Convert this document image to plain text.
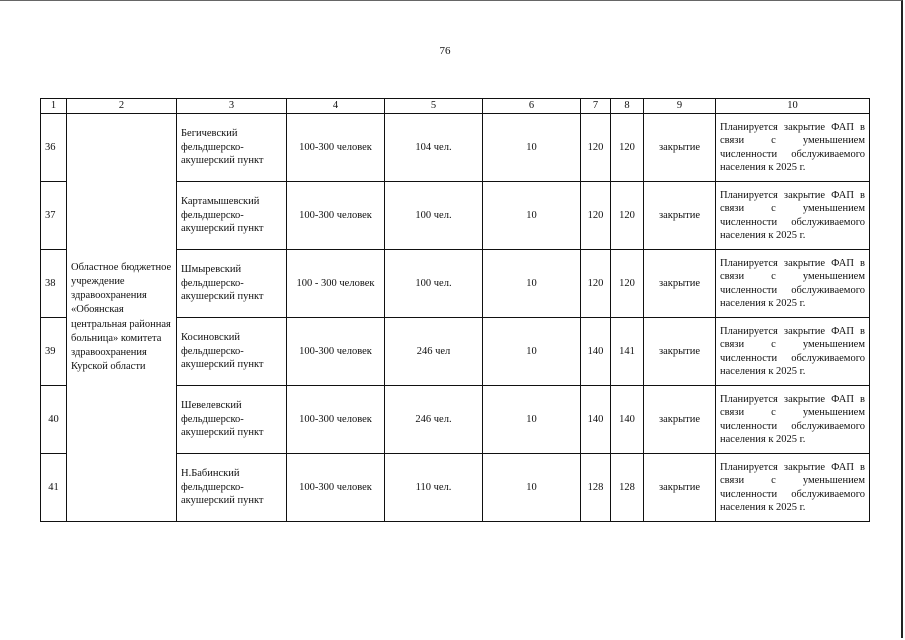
76
1	2	3	4	5	6	7	8	9	10
36	Областное бюджетное учреждение здравоохранения «Обоянская центральная районная больница» комитета здравоохранения Курской области	Бегичевский фельдшерско-акушерский пункт	100-300 человек	104 чел.	10	120	120	закрытие	Планируется закрытие ФАП в связи с уменьшением численности обслуживаемого населения к 2025 г.
37		Картамышевский фельдшерско-акушерский пункт	100-300 человек	100 чел.	10	120	120	закрытие	Планируется закрытие ФАП в связи с уменьшением численности обслуживаемого населения к 2025 г.
38		Шмыревский фельдшерско-акушерский пункт	100 - 300 человек	100 чел.	10	120	120	закрытие	Планируется закрытие ФАП в связи с уменьшением численности обслуживаемого населения к 2025 г.
39		Косиновский фельдшерско-акушерский пункт	100-300 человек	246 чел	10	140	141	закрытие	Планируется закрытие ФАП в связи с уменьшением численности обслуживаемого населения к 2025 г.
40		Шевелевский фельдшерско-акушерский пункт	100-300 человек	246 чел.	10	140	140	закрытие	Планируется закрытие ФАП в связи с уменьшением численности обслуживаемого населения к 2025 г.
41		Н.Бабинский фельдшерско-акушерский пункт	100-300 человек	110 чел.	10	128	128	закрытие	Планируется закрытие ФАП в связи с уменьшением численности обслуживаемого населения к 2025 г.
